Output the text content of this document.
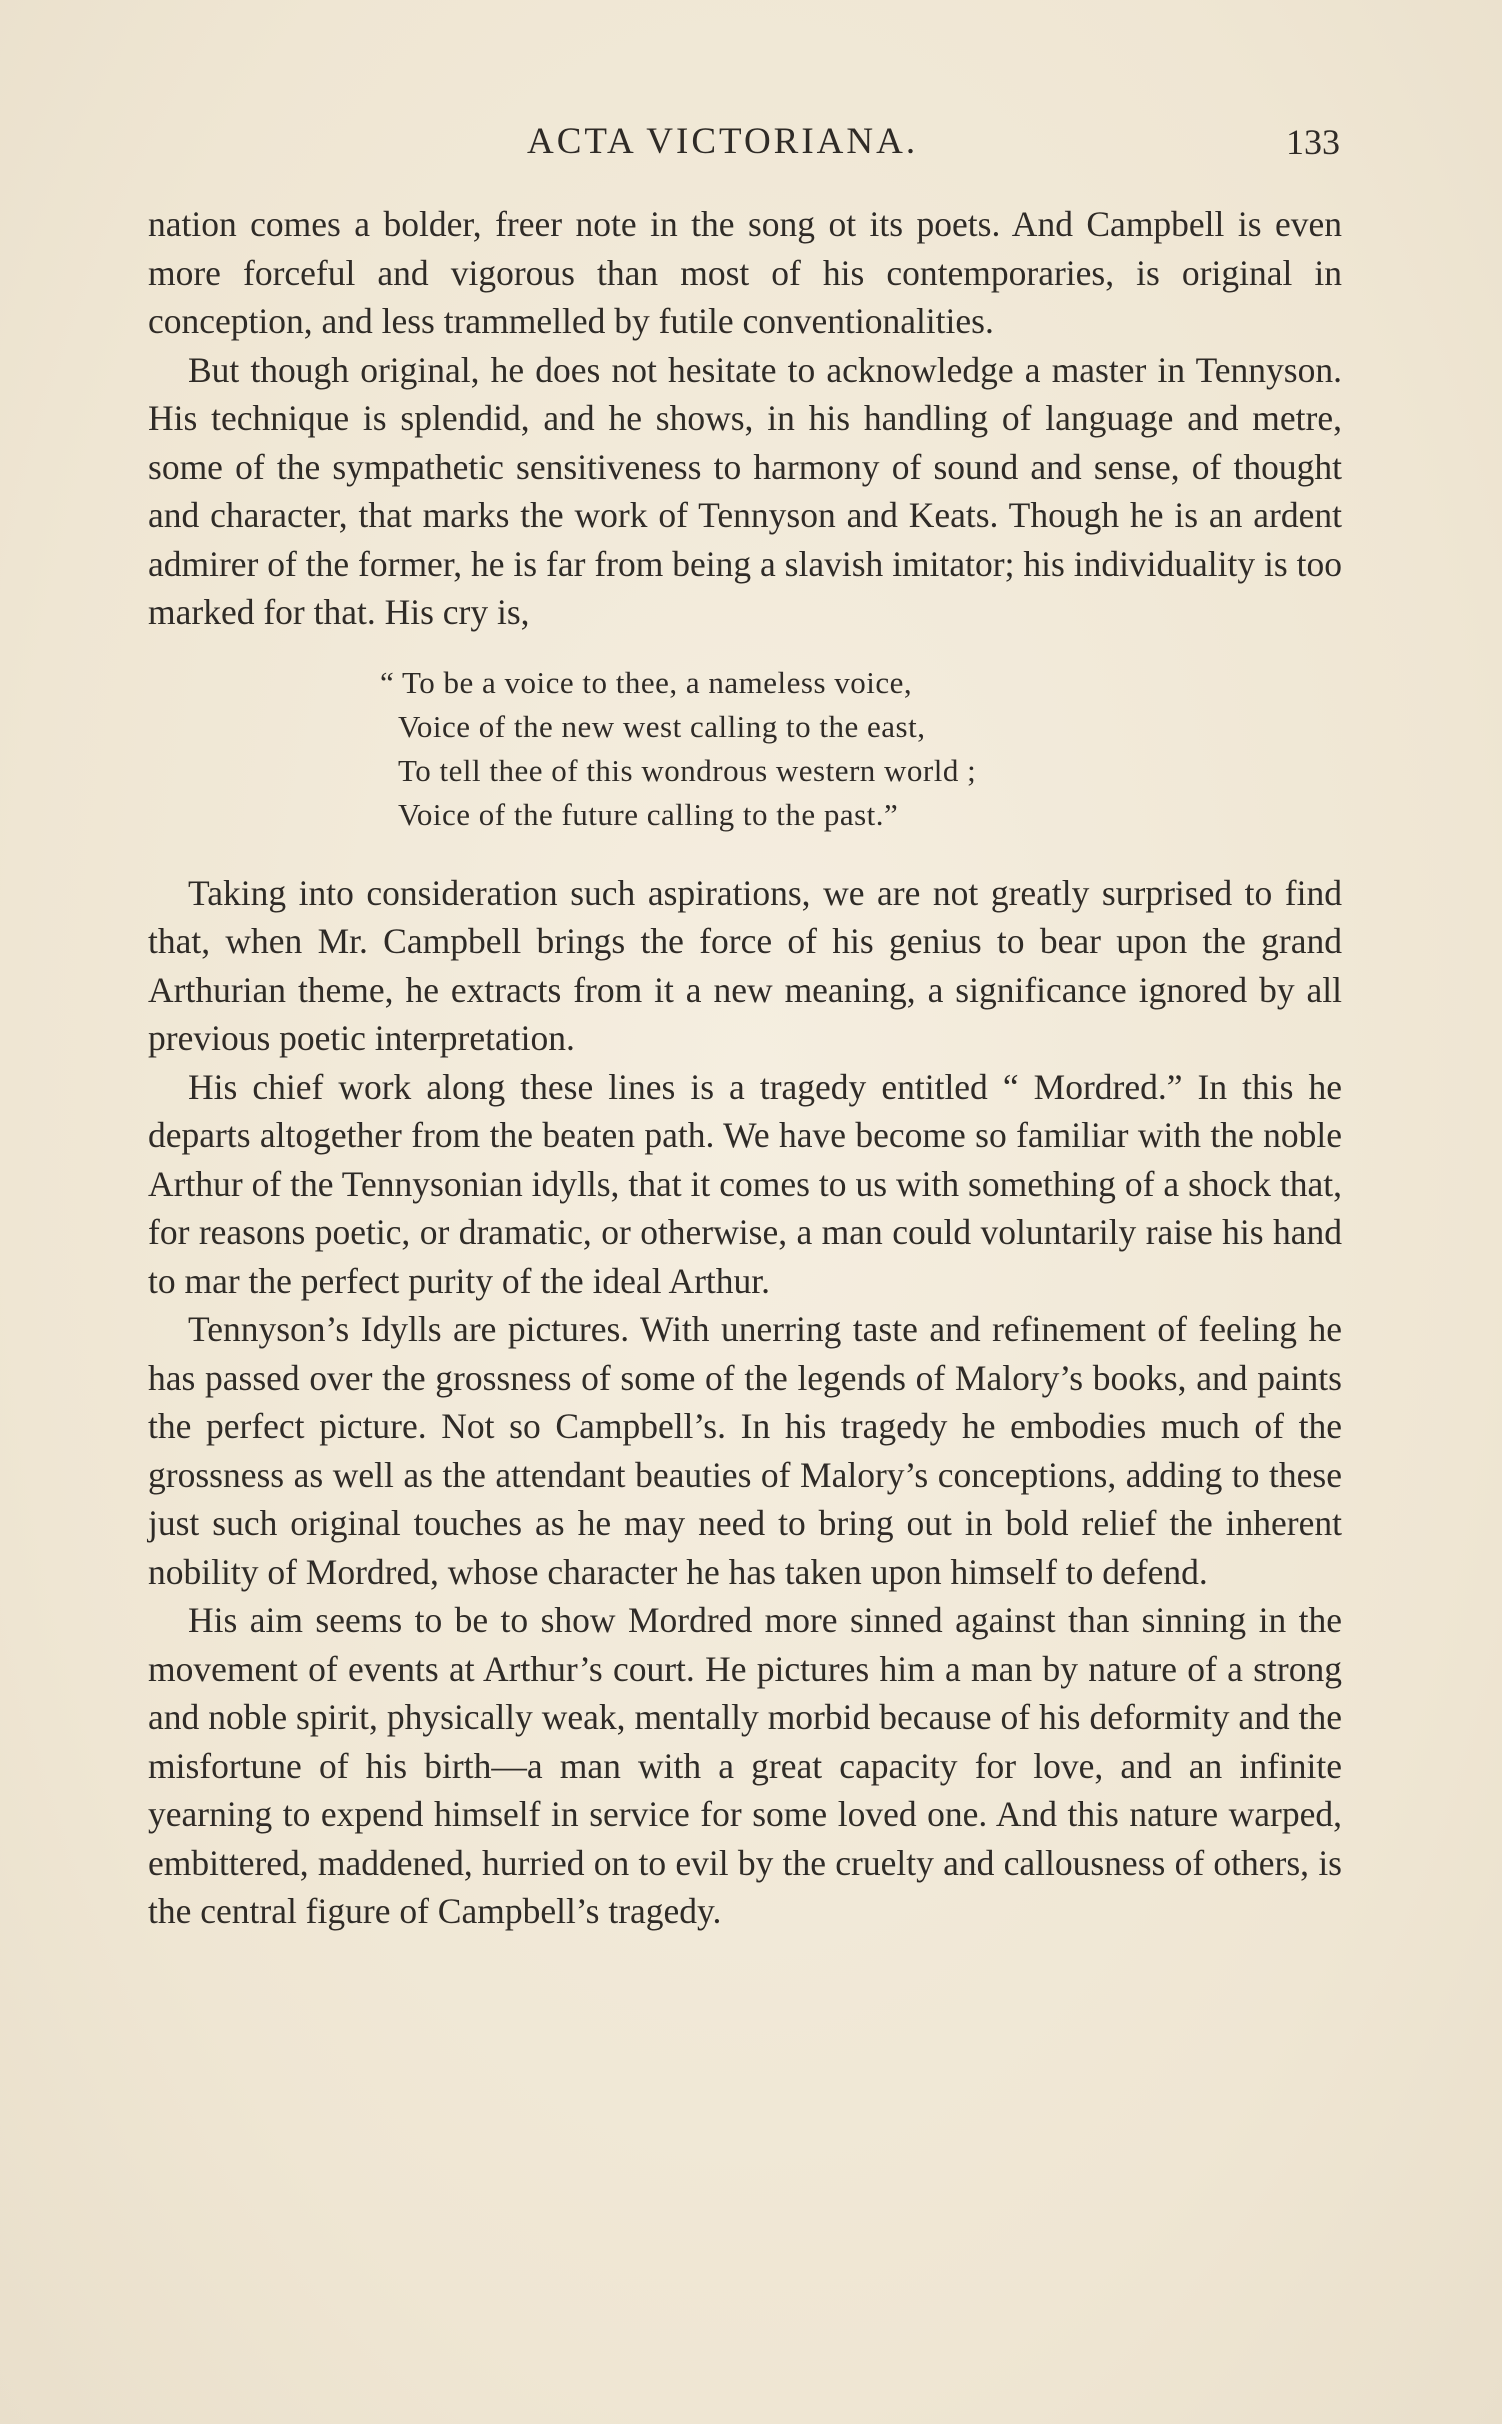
ACTA VICTORIANA.	133

nation comes a bolder, freer note in the song ot its poets. And Campbell is even more forceful and vigorous than most of his contemporaries, is original in conception, and less trammelled by futile conventionalities.

But though original, he does not hesitate to acknowledge a master in Tennyson. His technique is splendid, and he shows, in his handling of language and metre, some of the sympathetic sensitiveness to harmony of sound and sense, of thought and character, that marks the work of Tennyson and Keats. Though he is an ardent admirer of the former, he is far from being a slavish imitator; his individuality is too marked for that. His cry is,

“ To be a voice to thee, a nameless voice,
Voice of the new west calling to the east,
To tell thee of this wondrous western world ;
Voice of the future calling to the past.”

Taking into consideration such aspirations, we are not greatly surprised to find that, when Mr. Campbell brings the force of his genius to bear upon the grand Arthurian theme, he extracts from it a new meaning, a significance ignored by all previous poetic interpretation.

His chief work along these lines is a tragedy entitled “ Mordred.” In this he departs altogether from the beaten path. We have become so familiar with the noble Arthur of the Tennysonian idylls, that it comes to us with something of a shock that, for reasons poetic, or dramatic, or otherwise, a man could voluntarily raise his hand to mar the perfect purity of the ideal Arthur.

Tennyson’s Idylls are pictures. With unerring taste and refinement of feeling he has passed over the grossness of some of the legends of Malory’s books, and paints the perfect picture. Not so Campbell’s. In his tragedy he embodies much of the grossness as well as the attendant beauties of Malory’s conceptions, adding to these just such original touches as he may need to bring out in bold relief the inherent nobility of Mordred, whose character he has taken upon himself to defend.

His aim seems to be to show Mordred more sinned against than sinning in the movement of events at Arthur’s court. He pictures him a man by nature of a strong and noble spirit, physically weak, mentally morbid because of his deformity and the misfortune of his birth—a man with a great capacity for love, and an infinite yearning to expend himself in service for some loved one. And this nature warped, embittered, maddened, hurried on to evil by the cruelty and callousness of others, is the central figure of Campbell’s tragedy.
